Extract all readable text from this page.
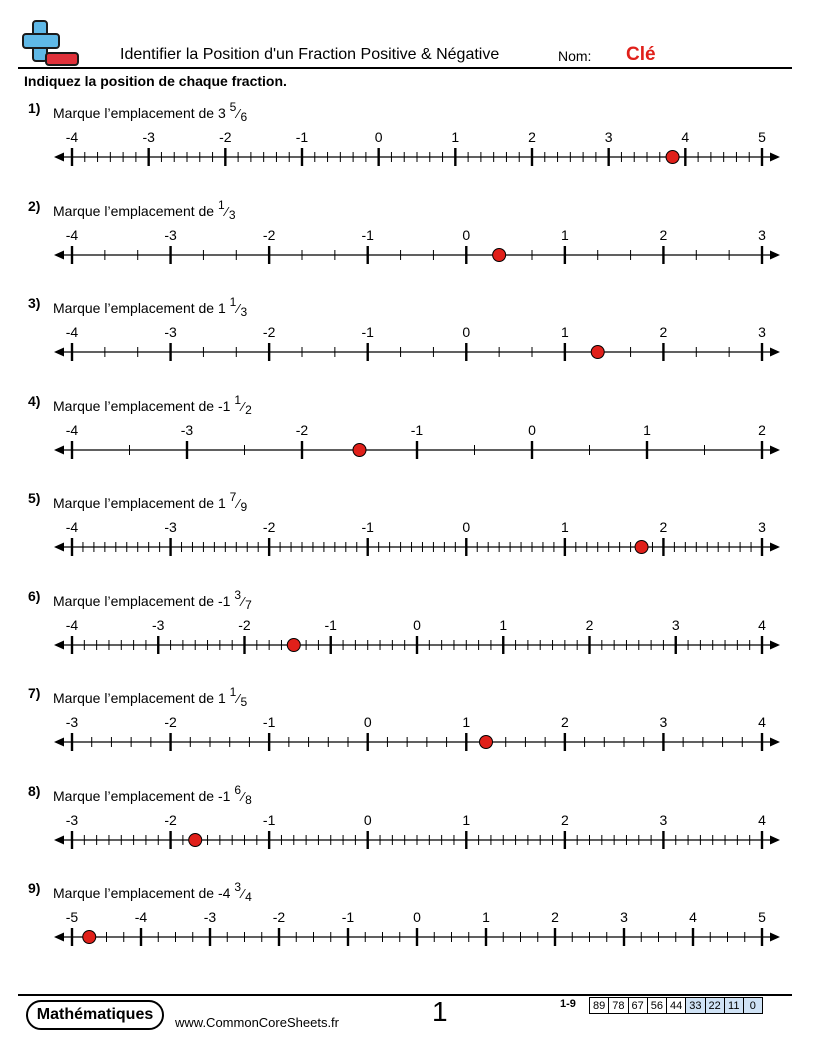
Identifier la Position d'un Fraction Positive & Négative	Nom: Clé
Indiquez la position de chaque fraction.
1) Marque l’emplacement de 3 5⁄6
-4	-3	-2	-1	0	1	2	3	4	5
2) Marque l’emplacement de 1⁄3
-4	-3	-2	-1	0	1	2	3
3) Marque l’emplacement de 1 1⁄3
-4	-3	-2	-1	0	1	2	3
4) Marque l’emplacement de -1 1⁄2
-4	-3	-2	-1	0	1	2
5) Marque l’emplacement de 1 7⁄9
-4	-3	-2	-1	0	1	2	3
6) Marque l’emplacement de -1 3⁄7
-4	-3	-2	-1	0	1	2	3	4
7) Marque l’emplacement de 1 1⁄5
-3	-2	-1	0	1	2	3	4
8) Marque l’emplacement de -1 6⁄8
-3	-2	-1	0	1	2	3	4
9) Marque l’emplacement de -4 3⁄4
-5	-4	-3	-2	-1	0	1	2	3	4	5
Mathématiques	www.CommonCoreSheets.fr	1	1-9 89	78	67	56	44	33	22	11	0
